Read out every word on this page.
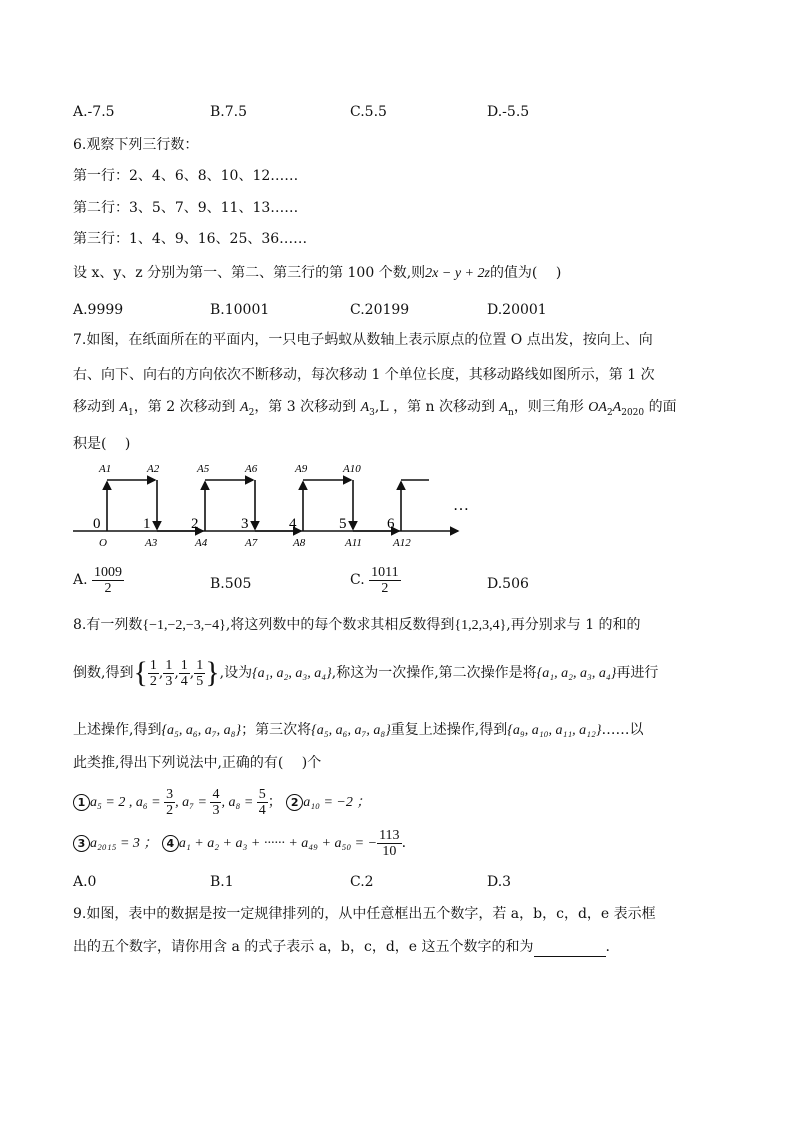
A.-7.5	B.7.5	C.5.5	D.-5.5
6.观察下列三行数：
第一行：2、4、6、8、10、12……
第二行：3、5、7、9、11、13……
第三行：1、4、9、16、25、36……
设 x、y、z 分别为第一、第二、第三行的第 100 个数,则2x − y + 2z的值为(　 )
A.9999	B.10001	C.20199	D.20001
7.如图，在纸面所在的平面内，一只电子蚂蚁从数轴上表示原点的位置 O 点出发，按向上、向
右、向下、向右的方向依次不断移动，每次移动 1 个单位长度，其移动路线如图所示，第 1 次
移动到 $A_1$，第 2 次移动到 $A_2$，第 3 次移动到 $A_3,L$ ，第 n 次移动到 $A_n$，则三角形 $OA_2A_{2020}$ 的面
积是(　 )
0	1	2	3	4	5	6
A1	A2	A5	A6	A9	A10
O	A3	A4	A7	A8	A11	A12
…
A. $\frac{1009}{2}$	B.505	C. $\frac{1011}{2}$	D.506
8.有一列数{−1,−2,−3,−4},将这列数中的每个数求其相反数得到{1,2,3,4},再分别求与 1 的和的
倒数,得到{ $\frac{1}{2}$ , $\frac{1}{3}$ , $\frac{1}{4}$ , $\frac{1}{5}$ },设为{a₁, a₂, a₃, a₄},称这为一次操作,第二次操作是将{a₁, a₂, a₃, a₄}再进行
上述操作,得到{a₅, a₆, a₇, a₈}；第三次将{a₅, a₆, a₇, a₈}重复上述操作,得到{a₉, a₁₀, a₁₁, a₁₂}……以
此类推,得出下列说法中,正确的有(　 )个
1 a₅ = 2 , $a_6 = \frac{3}{2}$ , $a_7 = \frac{4}{3}$ , $a_8 = \frac{5}{4}$ ； 2 a₁₀ = −2 ；
3 a₂₀₁₅ = 3 ； 4 a₁ + a₂ + a₃ + ······ + a₄₉ + a₅₀ = − $\frac{113}{10}$ .
A.0	B.1	C.2	D.3
9.如图，表中的数据是按一定规律排列的，从中任意框出五个数字，若 a，b，c，d，e 表示框
出的五个数字，请你用含 a 的式子表示 a，b，c，d，e 这五个数字的和为	.
